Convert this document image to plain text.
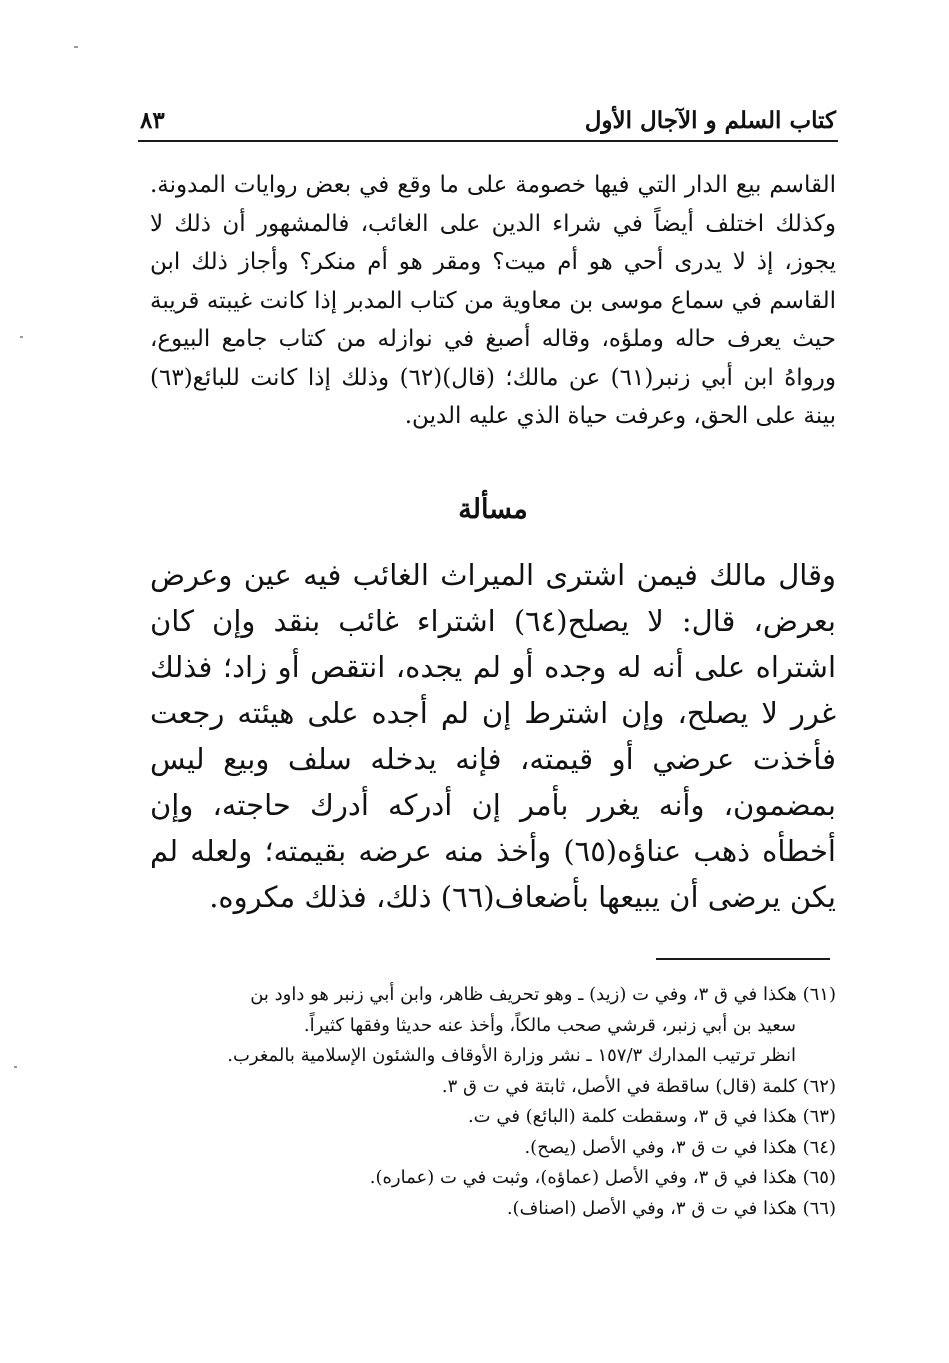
كتاب السلم و الآجال الأول
٨٣

القاسم بيع الدار التي فيها خصومة على ما وقع في بعض روايات المدونة. وكذلك اختلف أيضاً في شراء الدين على الغائب، فالمشهور أن ذلك لا يجوز، إذ لا يدرى أحي هو أم ميت؟ ومقر هو أم منكر؟ وأجاز ذلك ابن القاسم في سماع موسى بن معاوية من كتاب المدبر إذا كانت غيبته قريبة حيث يعرف حاله وملؤه، وقاله أصبغ في نوازله من كتاب جامع البيوع، ورواهُ ابن أبي زنبر(٦١) عن مالك؛ (قال)(٦٢) وذلك إذا كانت للبائع(٦٣) بينة على الحق، وعرفت حياة الذي عليه الدين.

مسألة

وقال مالك فيمن اشترى الميراث الغائب فيه عين وعرض بعرض، قال: لا يصلح(٦٤) اشتراء غائب بنقد وإن كان اشتراه على أنه له وجده أو لم يجده، انتقص أو زاد؛ فذلك غرر لا يصلح، وإن اشترط إن لم أجده على هيئته رجعت فأخذت عرضي أو قيمته، فإنه يدخله سلف وبيع ليس بمضمون، وأنه يغرر بأمر إن أدركه أدرك حاجته، وإن أخطأه ذهب عناؤه(٦٥) وأخذ منه عرضه بقيمته؛ ولعله لم يكن يرضى أن يبيعها بأضعاف(٦٦) ذلك، فذلك مكروه.

(٦١) هكذا في ق ٣، وفي ت (زيد) ـ وهو تحريف ظاهر، وابن أبي زنبر هو داود بن
سعيد بن أبي زنبر، قرشي صحب مالكاً، وأخذ عنه حديثا وفقها كثيراً.
انظر ترتيب المدارك ١٥٧/٣ ـ نشر وزارة الأوقاف والشئون الإسلامية بالمغرب.
(٦٢) كلمة (قال) ساقطة في الأصل، ثابتة في ت ق ٣.
(٦٣) هكذا في ق ٣، وسقطت كلمة (البائع) في ت.
(٦٤) هكذا في ت ق ٣، وفي الأصل (يصح).
(٦٥) هكذا في ق ٣، وفي الأصل (عماؤه)، وثبت في ت (عماره).
(٦٦) هكذا في ت ق ٣، وفي الأصل (اصناف).
